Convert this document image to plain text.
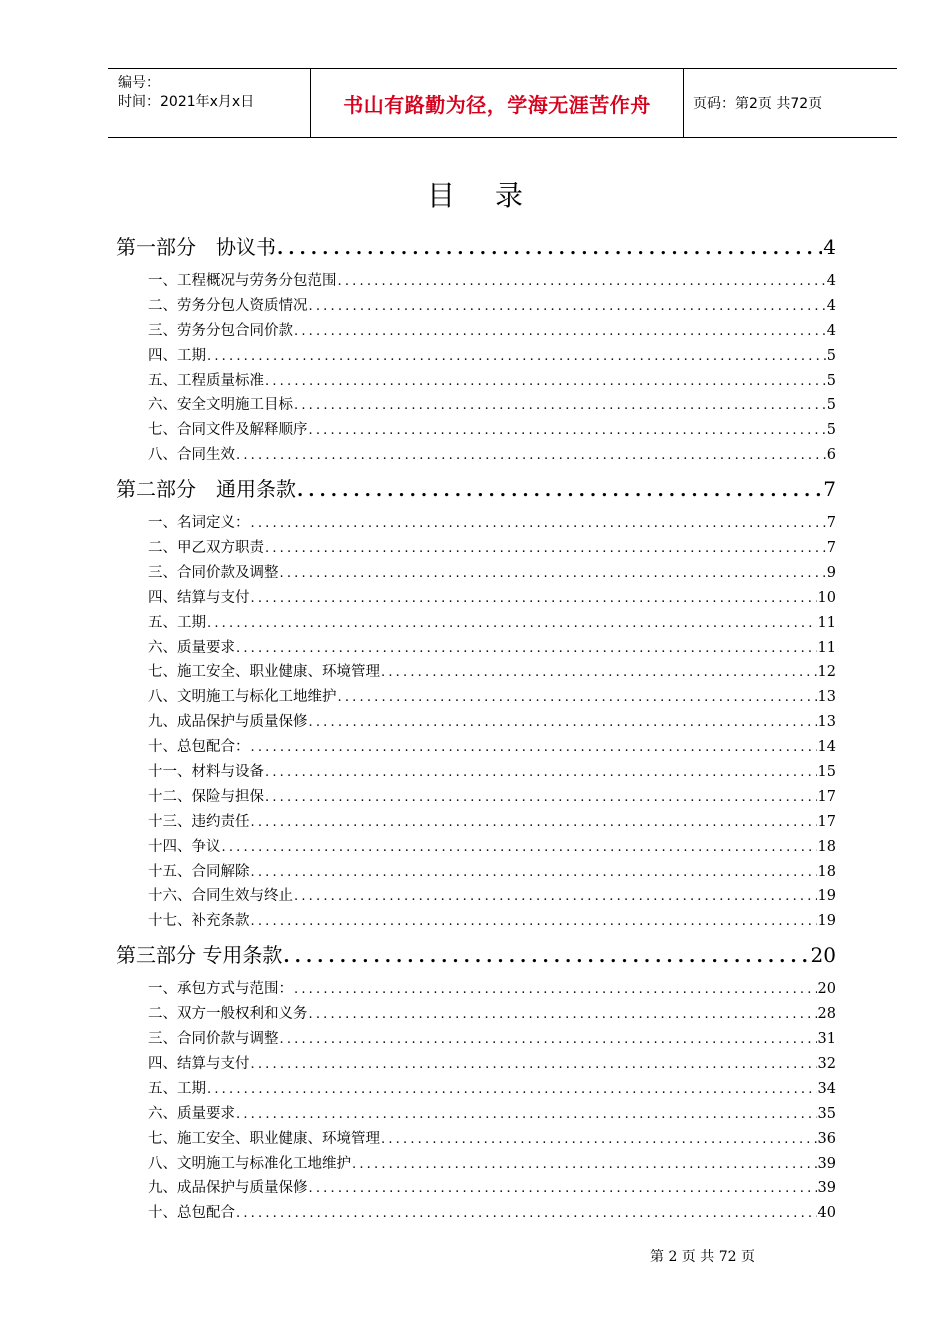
编号：
时间：2021年x月x日	书山有路勤为径，学海无涯苦作舟	页码：第2页 共72页
目录
第一部分　协议书 .....	4
一、工程概况与劳务分包范围 .....	4
二、劳务分包人资质情况 .....	4
三、劳务分包合同价款 .....	4
四、工期 .....	5
五、工程质量标准 .....	5
六、安全文明施工目标 .....	5
七、合同文件及解释顺序 .....	5
八、合同生效 .....	6
第二部分　通用条款 .....	7
一、名词定义： .....	7
二、甲乙双方职责 .....	7
三、合同价款及调整 .....	9
四、结算与支付 .....	10
五、工期 .....	11
六、质量要求 .....	11
七、施工安全、职业健康、环境管理 .....	12
八、文明施工与标化工地维护 .....	13
九、成品保护与质量保修 .....	13
十、总包配合： .....	14
十一、材料与设备 .....	15
十二、保险与担保 .....	17
十三、违约责任 .....	17
十四、争议 .....	18
十五、合同解除 .....	18
十六、合同生效与终止 .....	19
十七、补充条款 .....	19
第三部分 专用条款 .....	20
一、承包方式与范围： .....	20
二、双方一般权利和义务 .....	28
三、合同价款与调整 .....	31
四、结算与支付 .....	32
五、工期 .....	34
六、质量要求 .....	35
七、施工安全、职业健康、环境管理 .....	36
八、文明施工与标准化工地维护 .....	39
九、成品保护与质量保修 .....	39
十、总包配合 .....	40
第 2 页 共 72 页
